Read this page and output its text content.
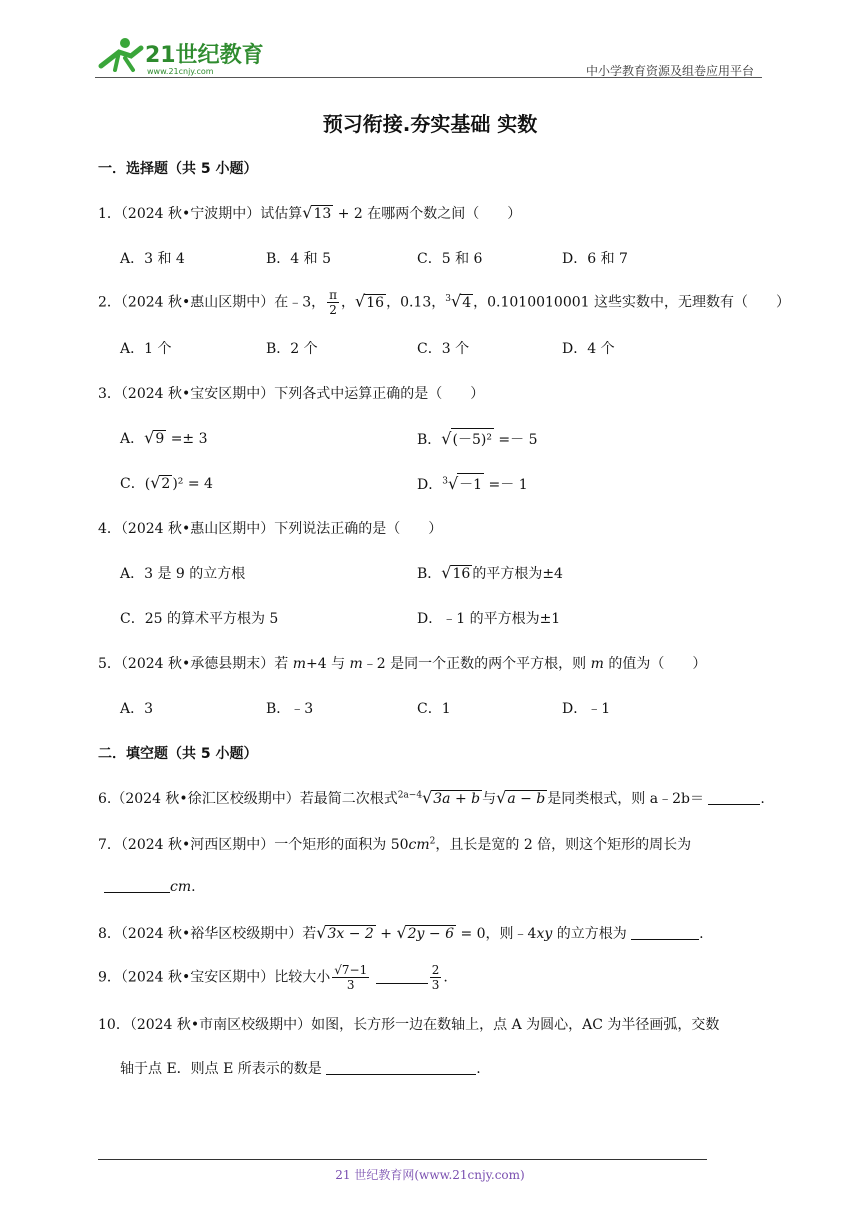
21世纪教育
www.21cnjy.com	中小学教育资源及组卷应用平台
预习衔接.夯实基础 实数
一．选择题（共 5 小题）
1．（2024 秋•宁波期中）试估算√13 + 2 在哪两个数之间（　　）
A．3 和 4	B．4 和 5	C．5 和 6	D．6 和 7
2．（2024 秋•惠山区期中）在﹣3， $\frac{\pi}{2}$ ，√16 ，0.13，$^3$√4 ，0.1010010001 这些实数中，无理数有（　　）
A．1 个	B．2 个	C．3 个	D．4 个
3．（2024 秋•宝安区期中）下列各式中运算正确的是（　　）
A．√9 =± 3	B．√(－5)² =－ 5
C．(√2 )² = 4	D．$^3$√－1 =－ 1
4．（2024 秋•惠山区期中）下列说法正确的是（　　）
A．3 是 9 的立方根	B．√16 的平方根为±4
C．25 的算术平方根为 5	D．﹣1 的平方根为±1
5．（2024 秋•承德县期末）若 m+4 与 m﹣2 是同一个正数的两个平方根，则 m 的值为（　　）
A．3	B．﹣3	C．1	D．﹣1
二．填空题（共 5 小题）
6.（2024 秋•徐汇区校级期中）若最简二次根式$^{2a-4}$√3a + b 与√a − b 是同类根式，则 a﹣2b＝	.
7．（2024 秋•河西区期中）一个矩形的面积为 $50cm^2$，且长是宽的 2 倍，则这个矩形的周长为
cm.
8．（2024 秋•裕华区校级期中）若√3x − 2 + √2y − 6 = 0，则﹣4xy 的立方根为	.
9．（2024 秋•宝安区期中）比较大小 $\frac{√7-1}{3}$
	$\frac{2}{3}$ .
10．（2024 秋•市南区校级期中）如图，长方形一边在数轴上，点 A 为圆心，AC 为半径画弧，交数
轴于点 E．则点 E 所表示的数是	.
21 世纪教育网(www.21cnjy.com)
